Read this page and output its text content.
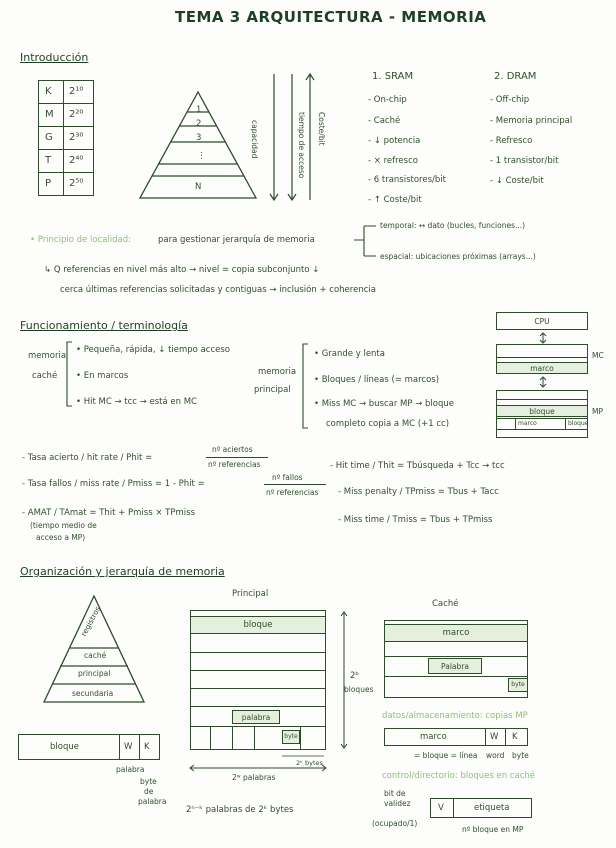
TEMA 3 ARQUITECTURA - MEMORIA
Introducción
K 2¹⁰
M 2²⁰
G 2³⁰
T 2⁴⁰
P 2⁵⁰
1
2
3
⋮
N
capacidad	tiempo de acceso Coste/bit
1. SRAM
- On-chip
- Caché
- ↓ potencia
- × refresco
- 6 transistores/bit
- ↑ Coste/bit
2. DRAM
- Off-chip
- Memoria principal
- Refresco
- 1 transistor/bit
- ↓ Coste/bit
• Principio de localidad:	para gestionar jerarquía de memoria
temporal: ↔ dato (bucles, funciones...)
espacial: ubicaciones próximas (arrays...)
↳ Q referencias en nivel más alto → nivel = copia subconjunto ↓
cerca últimas referencias solicitadas y contiguas → inclusión + coherencia
Funcionamiento / terminología
memoria
caché
• Pequeña, rápida, ↓ tiempo acceso
• En marcos
• Hit MC → tcc → está en MC
memoria
principal
• Grande y lenta
• Bloques / líneas (= marcos)
• Miss MC → buscar MP → bloque
completo copia a MC (+1 cc)
CPU
MC
marco
bloque	MP
marco	bloque
- Tasa acierto / hit rate / Phit =
nº aciertos
nº referencias
- Tasa fallos / miss rate / Pmiss = 1 - Phit =
nº fallos
nº referencias
- AMAT / TAmat = Thit + Pmiss × TPmiss
(tiempo medio de
acceso a MP)
- Hit time / Thit = Tbúsqueda + Tcc → tcc
- Miss penalty / TPmiss = Tbus + Tacc
- Miss time / Tmiss = Tbus + TPmiss
Organización y jerarquía de memoria
registros
caché
principal
secundaria
bloque	W K
palabra
byte
de
palabra
Principal
bloque
palabra
byte
2ᵏ bytes
2ʷ palabras
2ᵇ
bloques
2ⁿ⁻ᵏ palabras de 2ᵏ bytes
Caché
marco
Palabra
byte
datos/almacenamiento: copias MP
marco	W K
= bloque = línea word byte
control/directorio: bloques en caché
bit de
validez
(ocupado/1)
V	etiqueta
nº bloque en MP
